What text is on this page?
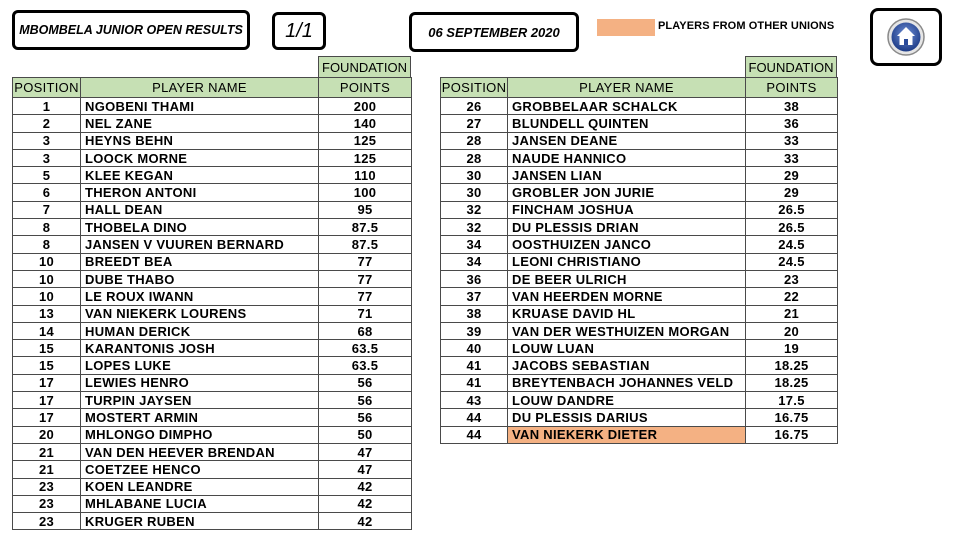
MBOMBELA JUNIOR OPEN RESULTS 1/1	06 SEPTEMBER 2020	PLAYERS FROM OTHER UNIONS
FOUNDATION	FOUNDATION
POSITION	PLAYER NAME	POINTS
1	NGOBENI THAMI	200
2	NEL ZANE	140
3	HEYNS BEHN	125
3	LOOCK MORNE	125
5	KLEE KEGAN	110
6	THERON ANTONI	100
7	HALL DEAN	95
8	THOBELA DINO	87.5
8	JANSEN V VUUREN BERNARD	87.5
10	BREEDT BEA	77
10	DUBE THABO	77
10	LE ROUX IWANN	77
13	VAN NIEKERK LOURENS	71
14	HUMAN DERICK	68
15	KARANTONIS JOSH	63.5
15	LOPES LUKE	63.5
17	LEWIES HENRO	56
17	TURPIN JAYSEN	56
17	MOSTERT ARMIN	56
20	MHLONGO DIMPHO	50
21	VAN DEN HEEVER BRENDAN	47
21	COETZEE HENCO	47
23	KOEN LEANDRE	42
23	MHLABANE LUCIA	42
23	KRUGER RUBEN	42
POSITION	PLAYER NAME	POINTS
26	GROBBELAAR SCHALCK	38
27	BLUNDELL QUINTEN	36
28	JANSEN DEANE	33
28	NAUDE HANNICO	33
30	JANSEN LIAN	29
30	GROBLER JON JURIE	29
32	FINCHAM JOSHUA	26.5
32	DU PLESSIS DRIAN	26.5
34	OOSTHUIZEN JANCO	24.5
34	LEONI CHRISTIANO	24.5
36	DE BEER ULRICH	23
37	VAN HEERDEN MORNE	22
38	KRUASE DAVID HL	21
39	VAN DER WESTHUIZEN MORGAN	20
40	LOUW LUAN	19
41	JACOBS SEBASTIAN	18.25
41	BREYTENBACH JOHANNES VELD	18.25
43	LOUW DANDRE	17.5
44	DU PLESSIS DARIUS	16.75
44	VAN NIEKERK DIETER	16.75
